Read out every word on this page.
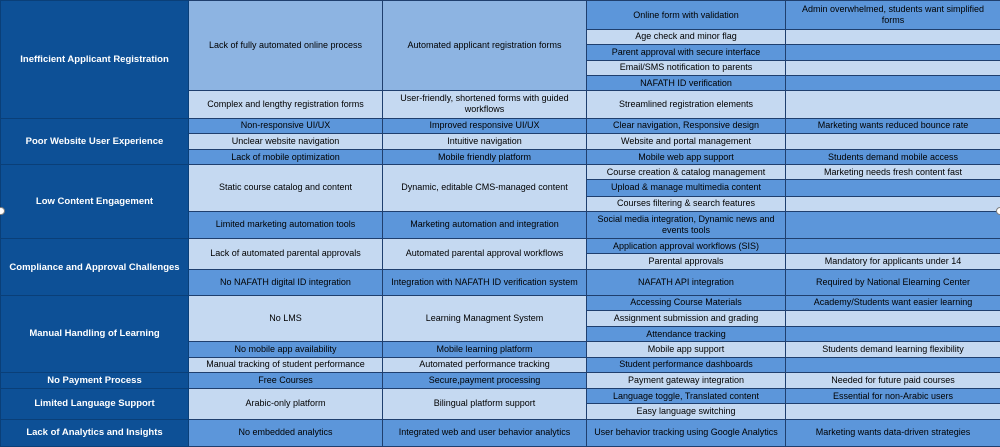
Inefficient Applicant Registration	Lack of fully automated online process	Automated applicant registration forms	Online form with validation	Admin overwhelmed, students want simplified forms
			Age check and minor flag	
			Parent approval with secure interface	
			Email/SMS notification to parents	
			NAFATH ID verification	
	Complex and lengthy registration forms	User-friendly, shortened forms with guided workflows	Streamlined registration elements	
Poor Website User Experience	Non-responsive UI/UX	Improved responsive UI/UX	Clear navigation, Responsive design	Marketing wants reduced bounce rate
	Unclear website navigation	Intuitive navigation	Website and portal management	
	Lack of mobile optimization	Mobile friendly platform	Mobile web app support	Students demand mobile access
Low Content Engagement	Static course catalog and content	Dynamic, editable CMS-managed content	Course creation & catalog management	Marketing needs fresh content fast
			Upload & manage multimedia content	
			Courses filtering & search features	
	Limited marketing automation tools	Marketing automation and integration	Social media integration, Dynamic news and events tools	
Compliance and Approval Challenges	Lack of automated parental approvals	Automated parental approval workflows	Application approval workflows (SIS)	
			Parental approvals	Mandatory for applicants under 14
	No NAFATH digital ID integration	Integration with NAFATH ID verification system	NAFATH API integration	Required by National Elearning Center
Manual Handling of Learning	No LMS	Learning Managment System	Accessing Course Materials	Academy/Students want easier learning
			Assignment submission and grading	
			Attendance tracking	
	No mobile app availability	Mobile learning platform	Mobile app support	Students demand learning flexibility
	Manual tracking of student performance	Automated performance tracking	Student performance dashboards	
No Payment Process	Free Courses	Secure,payment processing	Payment gateway integration	Needed for future paid courses
Limited Language Support	Arabic-only platform	Bilingual platform support	Language toggle, Translated content	Essential for non-Arabic users
			Easy language switching	
Lack of Analytics and Insights	No embedded analytics	Integrated web and user behavior analytics	User behavior tracking using Google Analytics	Marketing wants data-driven strategies
